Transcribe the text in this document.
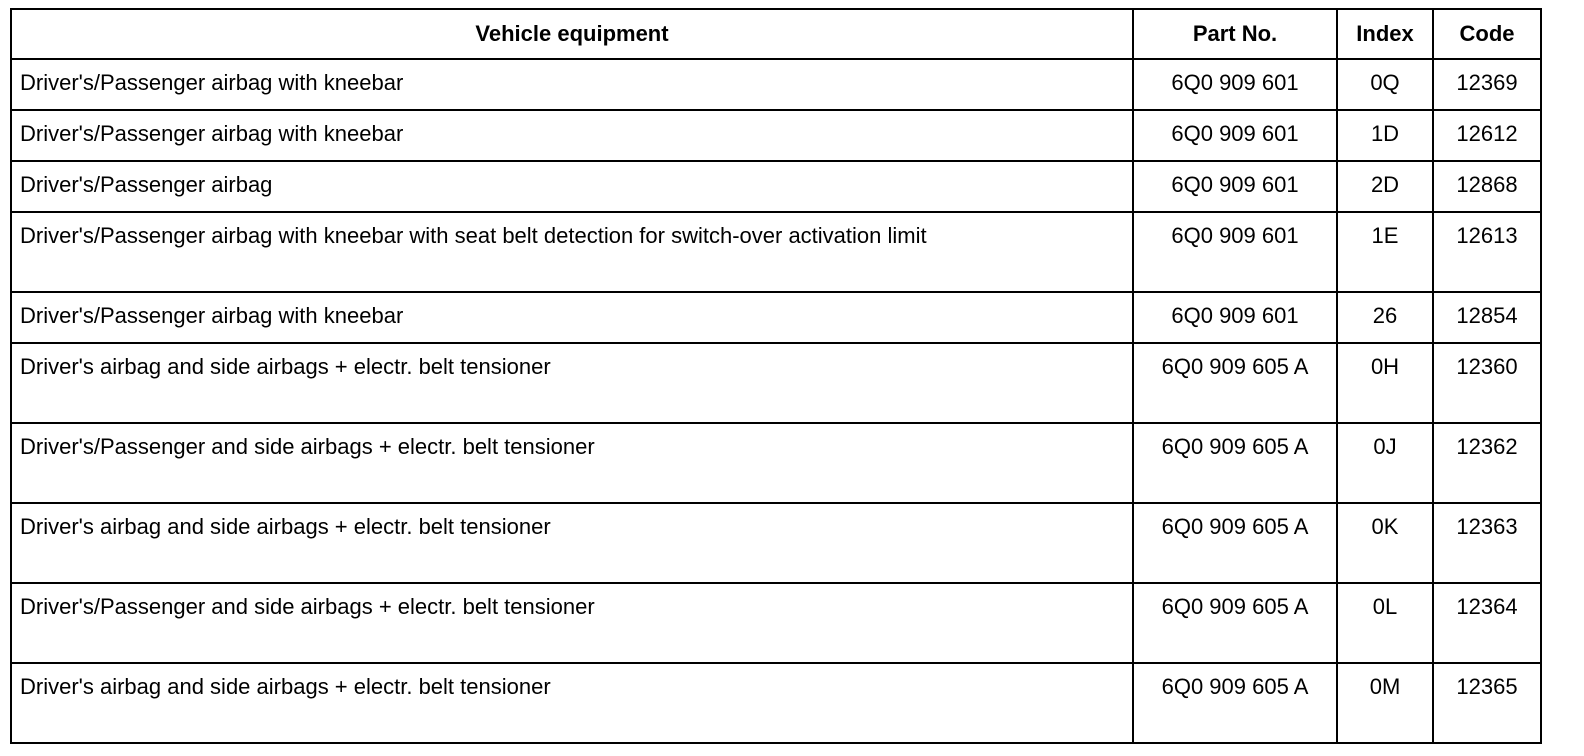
Vehicle equipment	Part No.	Index	Code
Driver's/Passenger airbag with kneebar	6Q0 909 601	0Q	12369
Driver's/Passenger airbag with kneebar	6Q0 909 601	1D	12612
Driver's/Passenger airbag	6Q0 909 601	2D	12868
Driver's/Passenger airbag with kneebar with seat belt detection for switch-over activation limit	6Q0 909 601	1E	12613
Driver's/Passenger airbag with kneebar	6Q0 909 601	26	12854
Driver's airbag and side airbags + electr. belt tensioner	6Q0 909 605 A	0H	12360
Driver's/Passenger and side airbags + electr. belt tensioner	6Q0 909 605 A	0J	12362
Driver's airbag and side airbags + electr. belt tensioner	6Q0 909 605 A	0K	12363
Driver's/Passenger and side airbags + electr. belt tensioner	6Q0 909 605 A	0L	12364
Driver's airbag and side airbags + electr. belt tensioner	6Q0 909 605 A	0M	12365
